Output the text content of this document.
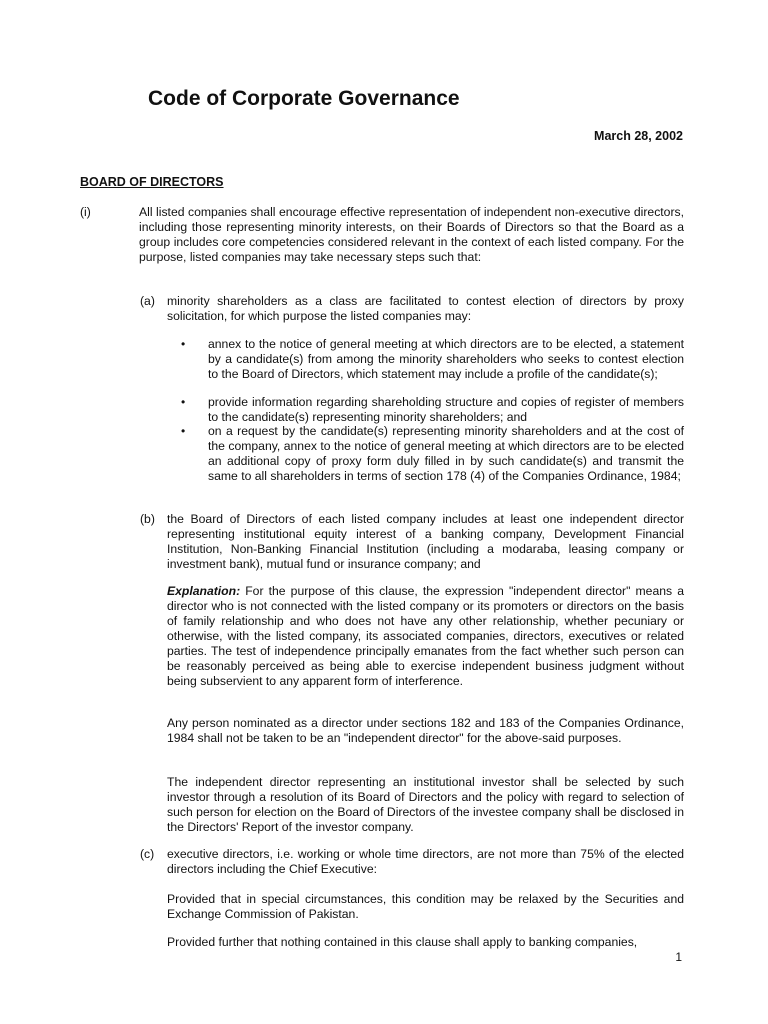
Code of Corporate Governance
March 28, 2002
BOARD OF DIRECTORS
(i)	All listed companies shall encourage effective representation of independent non-executive directors, including those representing minority interests, on their Boards of Directors so that the Board as a group includes core competencies considered relevant in the context of each listed company. For the purpose, listed companies may take necessary steps such that:

(a) minority shareholders as a class are facilitated to contest election of directors by proxy solicitation, for which purpose the listed companies may:

• annex to the notice of general meeting at which directors are to be elected, a statement by a candidate(s) from among the minority shareholders who seeks to contest election to the Board of Directors, which statement may include a profile of the candidate(s);

• provide information regarding shareholding structure and copies of register of members to the candidate(s) representing minority shareholders; and

• on a request by the candidate(s) representing minority shareholders and at the cost of the company, annex to the notice of general meeting at which directors are to be elected an additional copy of proxy form duly filled in by such candidate(s) and transmit the same to all shareholders in terms of section 178 (4) of the Companies Ordinance, 1984;

(b) the Board of Directors of each listed company includes at least one independent director representing institutional equity interest of a banking company, Development Financial Institution, Non-Banking Financial Institution (including a modaraba, leasing company or investment bank), mutual fund or insurance company; and

Explanation: For the purpose of this clause, the expression "independent director" means a director who is not connected with the listed company or its promoters or directors on the basis of family relationship and who does not have any other relationship, whether pecuniary or otherwise, with the listed company, its associated companies, directors, executives or related parties. The test of independence principally emanates from the fact whether such person can be reasonably perceived as being able to exercise independent business judgment without being subservient to any apparent form of interference.

Any person nominated as a director under sections 182 and 183 of the Companies Ordinance, 1984 shall not be taken to be an "independent director" for the above-said purposes.

The independent director representing an institutional investor shall be selected by such investor through a resolution of its Board of Directors and the policy with regard to selection of such person for election on the Board of Directors of the investee company shall be disclosed in the Directors' Report of the investor company.

(c) executive directors, i.e. working or whole time directors, are not more than 75% of the elected directors including the Chief Executive:

Provided that in special circumstances, this condition may be relaxed by the Securities and Exchange Commission of Pakistan.

Provided further that nothing contained in this clause shall apply to banking companies,

1
